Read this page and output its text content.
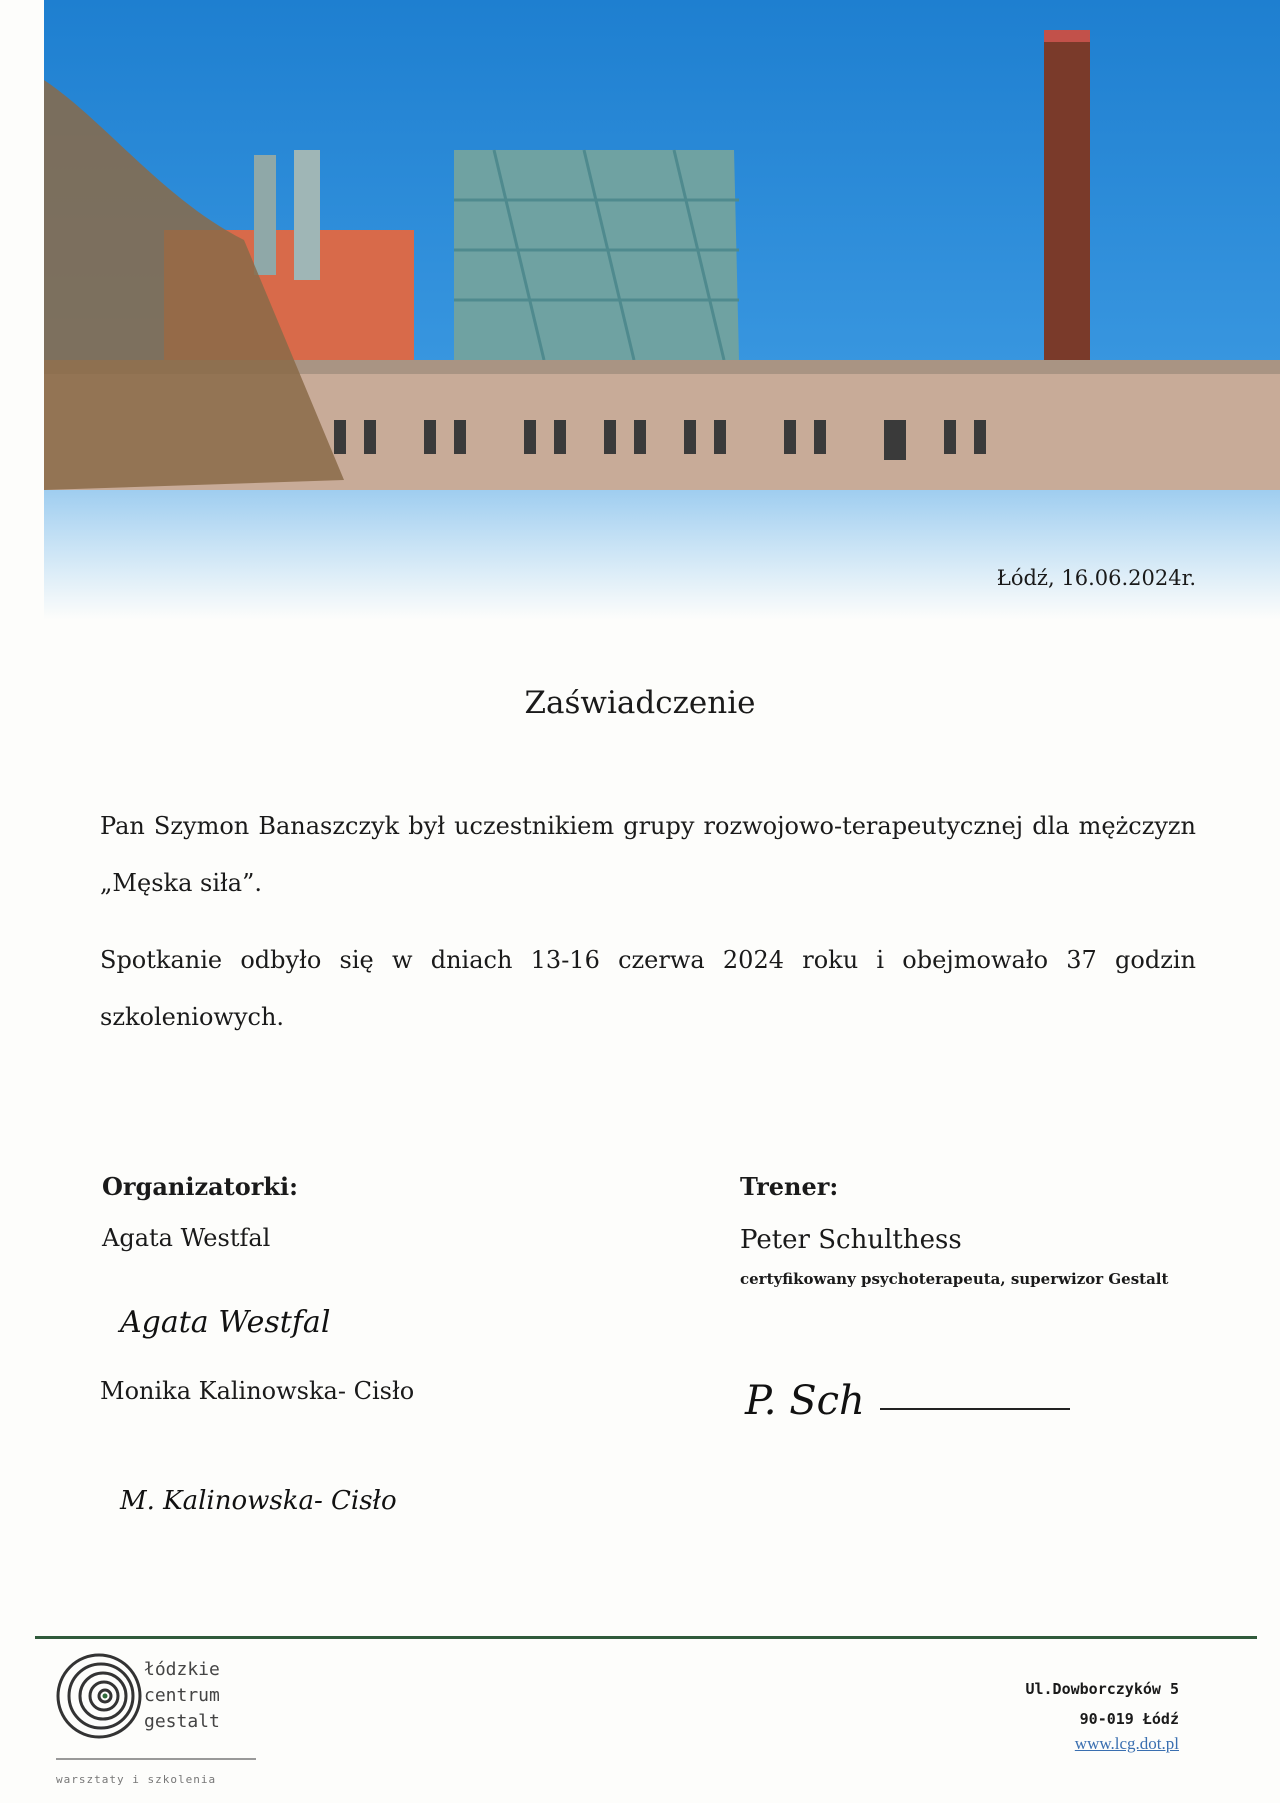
Łódź, 16.06.2024r.
Zaświadczenie
Pan Szymon Banaszczyk był uczestnikiem grupy rozwojowo-terapeutycznej dla mężczyzn „Męska siła”.
Spotkanie odbyło się w dniach 13-16 czerwa 2024 roku i obejmowało 37 godzin szkoleniowych.
Organizatorki:
Agata Westfal
Agata Westfal
Monika Kalinowska- Cisło
M. Kalinowska- Cisło
Trener:
Peter Schulthess
certyfikowany psychoterapeuta, superwizor Gestalt
P. Sch
łódzkie
centrum
gestalt
warsztaty i szkolenia
Ul.Dowborczyków 5
90-019 Łódź
www.lcg.dot.pl
